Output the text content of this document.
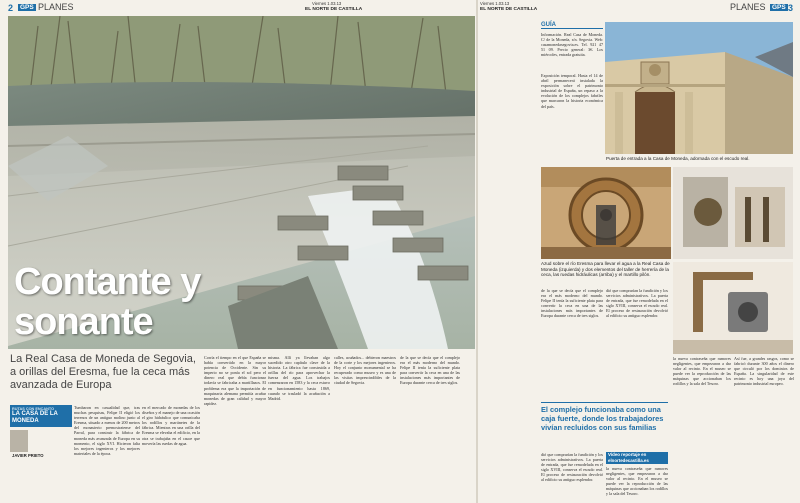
2	GPS PLANES	Viernes 1.03.13
EL NORTE DE CASTILLA
Contante y sonante
La Real Casa de Moneda de Segovia, a orillas del Eresma, fue la ceca más avanzada de Europa
RUTAS CON ENCANTO
LA CASA DE LA MONEDA
JAVIER PRIETO
Tumbaron en casualidad que, tras muchas pesquisas, Felipe II eligió los terrenos de un antiguo molino junto al Eresma, situado a menos de 200 metros del monasterio premostratense del Parral, para construir la fábrica de moneda más avanzada de Europa en su momento, el siglo XVI. Hicieron falta los mejores ingenieros y los mejores materiales de la época.
en el mercado de monedas de los diseños y el manejo de una ocasión el giro hidráulico que comunicaba los rodillos y martinetes de la fábrica. Mientras en una orilla del Eresma se elevaba el edificio, en la otra se trabajaba en el cauce que movería las ruedas de agua.
Corría el tiempo en el que España se había convertido en la mayor potencia de Occidente. Sin su imperio no se ponía el sol pero el dinero real que debía funcionar todavía se fabricaba a martillazos. El problema era que la importación de maquinaria alemana permitía acuñar monedas de gran calidad y mayor rapidez.
misma. Allí ya llevaban algo sucedido otro capítulo clave de la historia. La fábrica fue construida a orillas del río para aprovechar la fuerza del agua. Los trabajos comenzaron en 1583 y la ceca estuvo en funcionamiento hasta 1869, cuando se trasladó la acuñación a Madrid.
calles, acuñados... debieron maestros de la corte y los mejores ingenieros. Hoy el conjunto monumental se ha recuperado como museo y es una de las visitas imprescindibles de la ciudad de Segovia.
de la que se decía que el complejo era el más moderno del mundo. Felipe II tenía la suficiente plata para convertir la ceca en una de las instalaciones más importantes de Europa durante cerca de tres siglos.
Viernes 1.03.13
EL NORTE DE CASTILLA	PLANES GPS 3
GUÍA
Información. Real Casa de Moneda. C/ de la Moneda, s/n. Segovia. Web: casamonedasegovia.es. Tel. 921 47 51 09. Precio general: 3€. Los miércoles, entrada gratuita.
Exposición temporal. Hasta el 14 de abril permanecerá instalada la exposición sobre el patrimonio industrial de España, un repaso a la evolución de los complejos fabriles que marcaron la historia económica del país.
Puerta de entrada a la Casa de Moneda, adornada con el escudo real.
Azud sobre el río Eresma para llevar el agua a la Real Casa de Moneda (izquierda) y dos elementos del taller de herrería de la ceca, las ruedas hidráulicas (arriba) y el martillo pilón.
de la que se decía que el complejo era el más moderno del mundo. Felipe II tenía la suficiente plata para convertir la ceca en una de las instalaciones más importantes de Europa durante cerca de tres siglos.
dió que comprarían la fundición y los servicios administrativos. La puerta de entrada, que fue remodelada en el siglo XVIII, conserva el escudo real. El proceso de restauración devolvió al edificio su antiguo esplendor.
El complejo funcionaba como una caja fuerte, donde los trabajadores vivían recluidos con sus familias
Vídeo reportaje en elnortedecastilla.es
dió que comprarían la fundición y los servicios administrativos. La puerta de entrada, que fue remodelada en el siglo XVIII, conserva el escudo real. El proceso de restauración devolvió al edificio su antiguo esplendor.
la nueva contraseña que rumores negligentes, que empezaron a dar valor al recinto. En el museo se puede ver la reproducción de las máquinas que accionaban los rodillos y la sala del Tesoro.
la nueva contraseña que rumores negligentes, que empezaron a dar valor al recinto. En el museo se puede ver la reproducción de las máquinas que accionaban los rodillos y la sala del Tesoro.
Así fue, a grandes rasgos, como se fabricó durante 300 años el dinero que circuló por los dominios de España. La singularidad de este recinto es hoy una joya del patrimonio industrial europeo.
